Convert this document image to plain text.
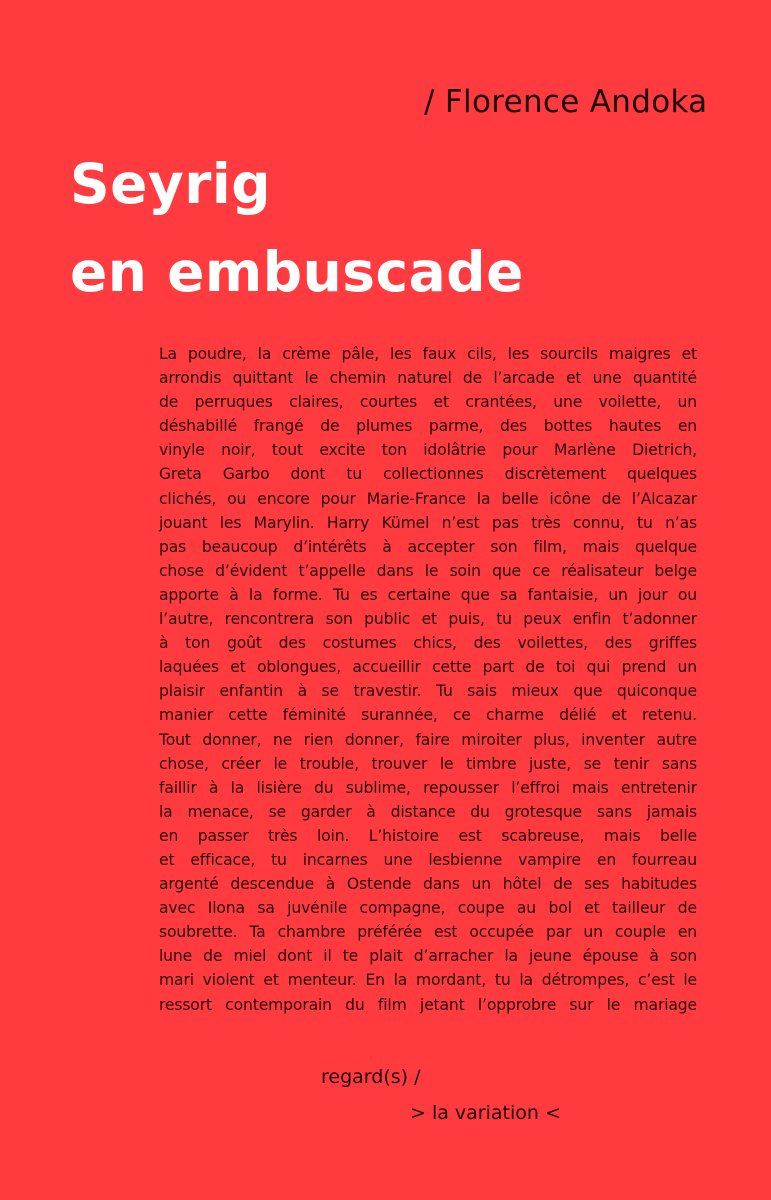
/ Florence Andoka
Seyrig
en embuscade
La poudre, la crème pâle, les faux cils, les sourcils maigres et
arrondis quittant le chemin naturel de l’arcade et une quantité
de perruques claires, courtes et crantées, une voilette, un
déshabillé frangé de plumes parme, des bottes hautes en
vinyle noir, tout excite ton idolâtrie pour Marlène Dietrich,
Greta Garbo dont tu collectionnes discrètement quelques
clichés, ou encore pour Marie-France la belle icône de l’Alcazar
jouant les Marylin. Harry Kümel n’est pas très connu, tu n’as
pas beaucoup d’intérêts à accepter son film, mais quelque
chose d’évident t’appelle dans le soin que ce réalisateur belge
apporte à la forme. Tu es certaine que sa fantaisie, un jour ou
l’autre, rencontrera son public et puis, tu peux enfin t’adonner
à ton goût des costumes chics, des voilettes, des griffes
laquées et oblongues, accueillir cette part de toi qui prend un
plaisir enfantin à se travestir. Tu sais mieux que quiconque
manier cette féminité surannée, ce charme délié et retenu.
Tout donner, ne rien donner, faire miroiter plus, inventer autre
chose, créer le trouble, trouver le timbre juste, se tenir sans
faillir à la lisière du sublime, repousser l’effroi mais entretenir
la menace, se garder à distance du grotesque sans jamais
en passer très loin. L’histoire est scabreuse, mais belle
et efficace, tu incarnes une lesbienne vampire en fourreau
argenté descendue à Ostende dans un hôtel de ses habitudes
avec Ilona sa juvénile compagne, coupe au bol et tailleur de
soubrette. Ta chambre préférée est occupée par un couple en
lune de miel dont il te plait d’arracher la jeune épouse à son
mari violent et menteur. En la mordant, tu la détrompes, c’est le
ressort contemporain du film jetant l’opprobre sur le mariage
regard(s) /
> la variation <
